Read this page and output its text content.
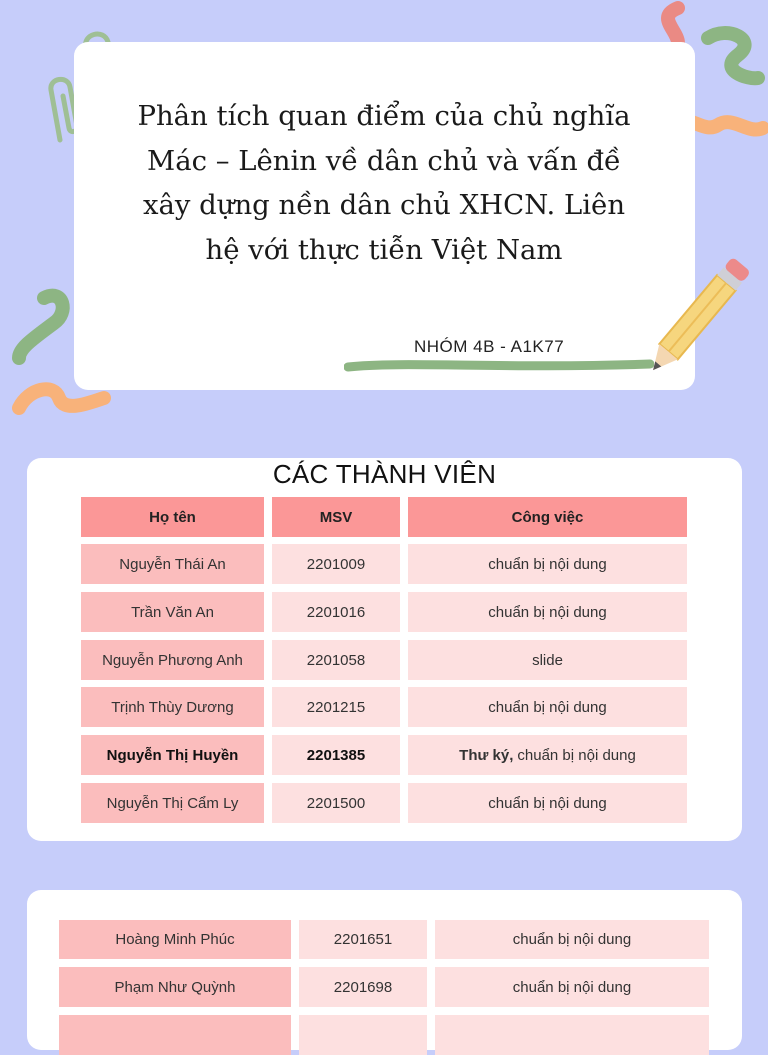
Phân tích quan điểm của chủ nghĩa Mác – Lênin về dân chủ và vấn đề xây dựng nền dân chủ XHCN. Liên hệ với thực tiễn Việt Nam
NHÓM 4B - A1K77
CÁC THÀNH VIÊN
Họ tên	MSV	Công việc
Nguyễn Thái An	2201009	chuẩn bị nội dung
Trần Văn An	2201016	chuẩn bị nội dung
Nguyễn Phương Anh	2201058	slide
Trịnh Thùy Dương	2201215	chuẩn bị nội dung
Nguyễn Thị Huyền	2201385	Thư ký, chuẩn bị nội dung
Nguyễn Thị Cẩm Ly	2201500	chuẩn bị nội dung
Hoàng Minh Phúc	2201651	chuẩn bị nội dung
Phạm Như Quỳnh	2201698	chuẩn bị nội dung
